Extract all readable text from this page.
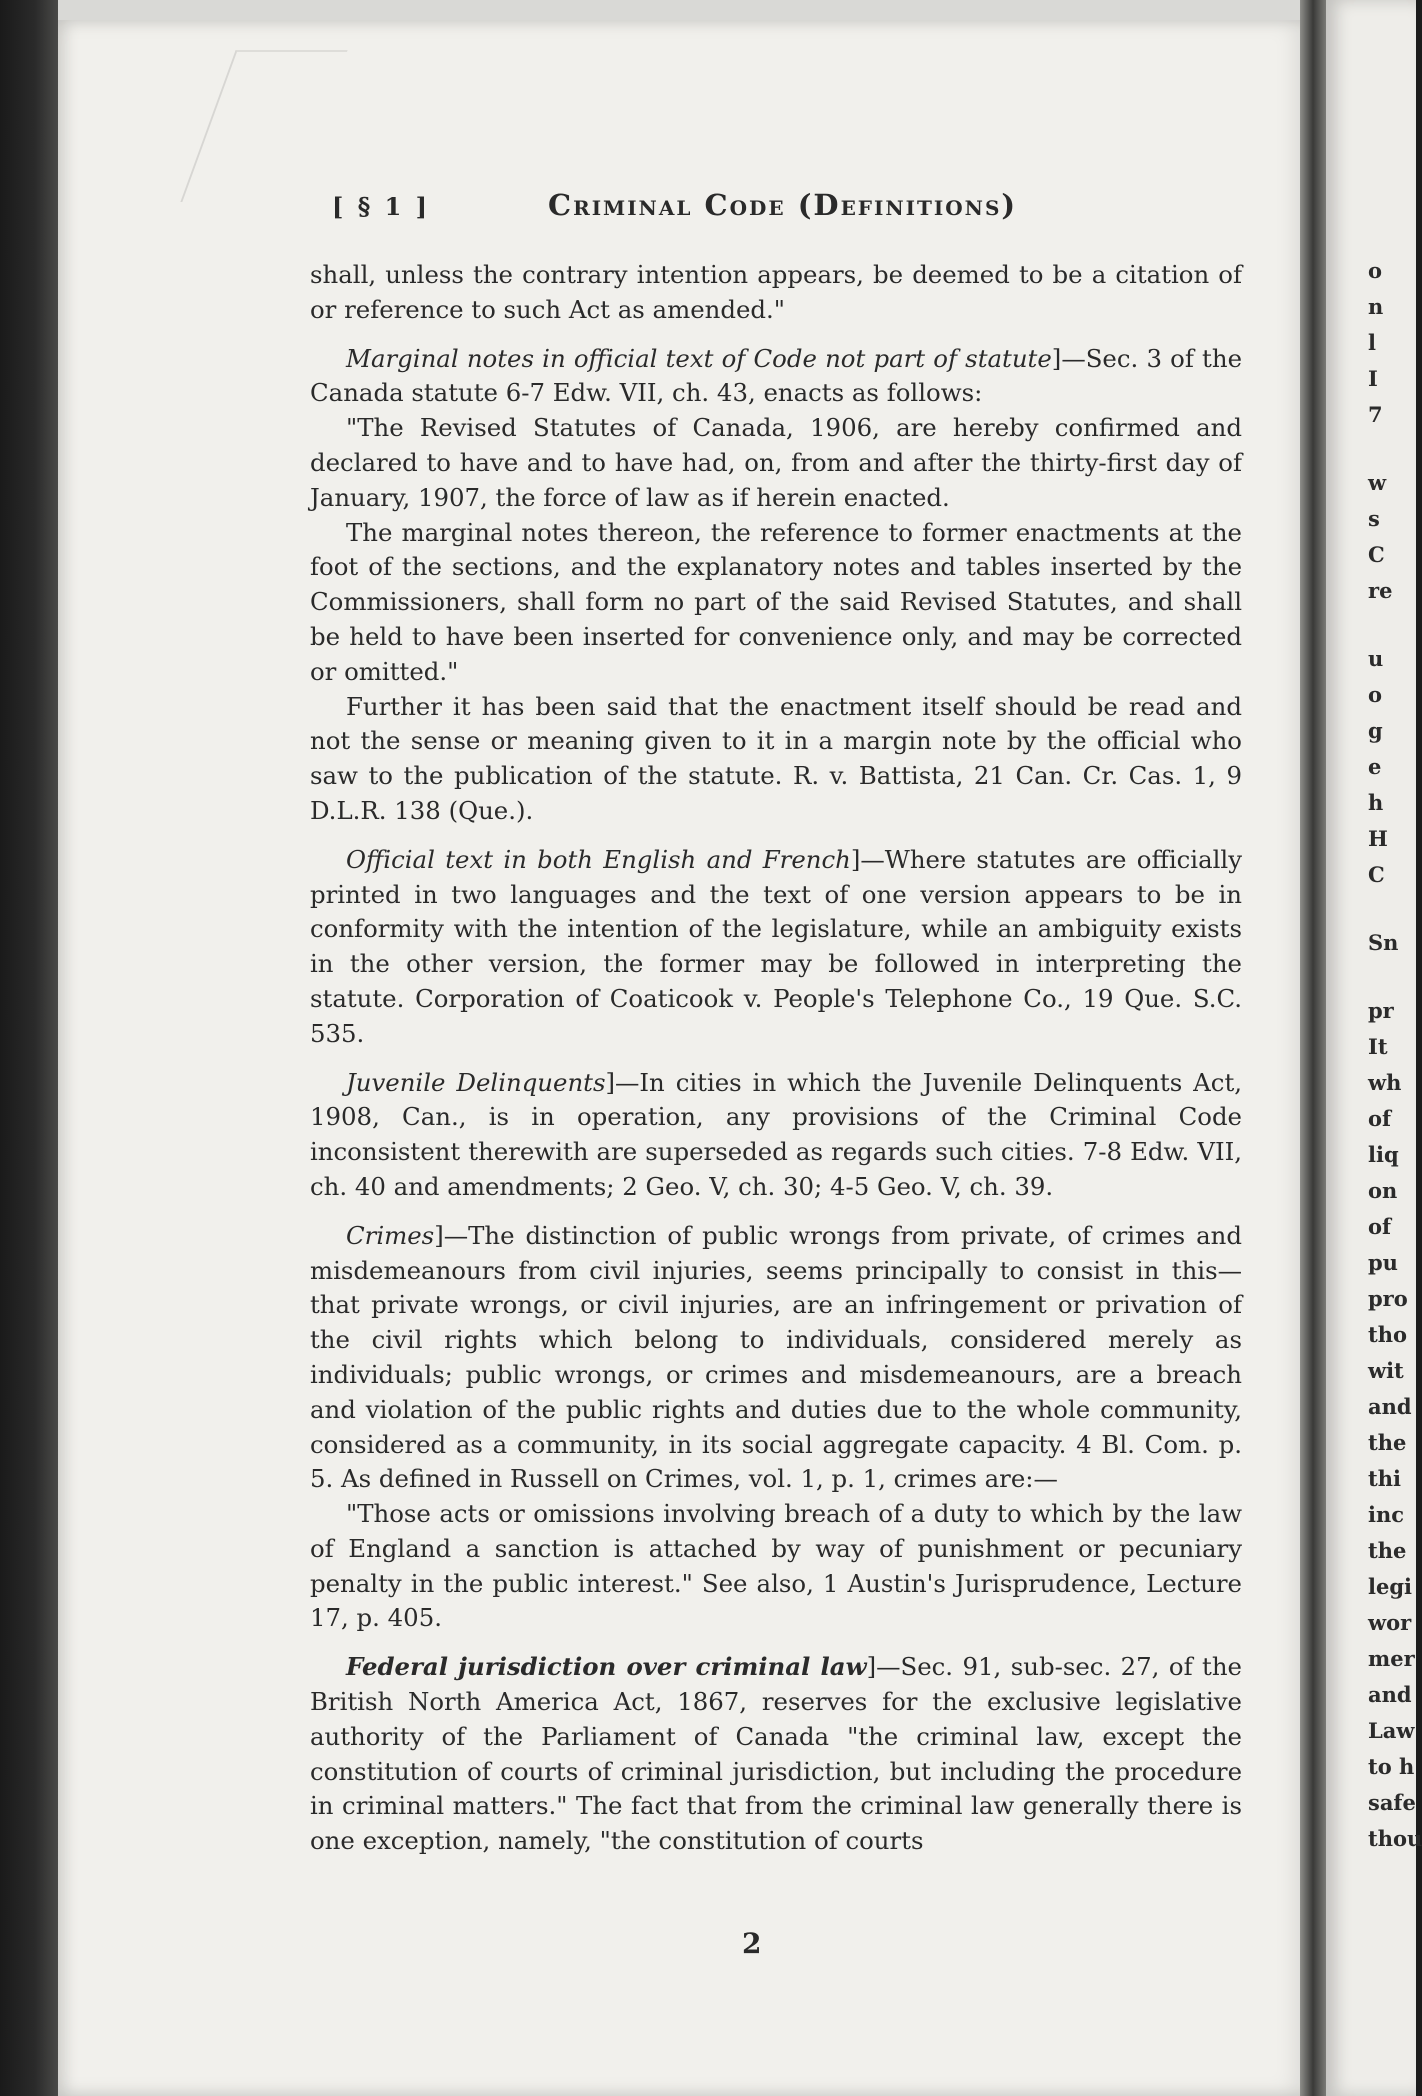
[ § 1 ]	Criminal Code (Definitions)

shall, unless the contrary intention appears, be deemed to be a citation of or reference to such Act as amended."

Marginal notes in official text of Code not part of statute]—Sec. 3 of the Canada statute 6-7 Edw. VII, ch. 43, enacts as follows:

"The Revised Statutes of Canada, 1906, are hereby confirmed and declared to have and to have had, on, from and after the thirty-first day of January, 1907, the force of law as if herein enacted.

The marginal notes thereon, the reference to former enactments at the foot of the sections, and the explanatory notes and tables inserted by the Commissioners, shall form no part of the said Revised Statutes, and shall be held to have been inserted for convenience only, and may be corrected or omitted."

Further it has been said that the enactment itself should be read and not the sense or meaning given to it in a margin note by the official who saw to the publication of the statute. R. v. Battista, 21 Can. Cr. Cas. 1, 9 D.L.R. 138 (Que.).

Official text in both English and French]—Where statutes are officially printed in two languages and the text of one version appears to be in conformity with the intention of the legislature, while an ambiguity exists in the other version, the former may be followed in interpreting the statute. Corporation of Coaticook v. People's Telephone Co., 19 Que. S.C. 535.

Juvenile Delinquents]—In cities in which the Juvenile Delinquents Act, 1908, Can., is in operation, any provisions of the Criminal Code inconsistent therewith are superseded as regards such cities. 7-8 Edw. VII, ch. 40 and amendments; 2 Geo. V, ch. 30; 4-5 Geo. V, ch. 39.

Crimes]—The distinction of public wrongs from private, of crimes and misdemeanours from civil injuries, seems principally to consist in this—that private wrongs, or civil injuries, are an infringement or privation of the civil rights which belong to individuals, considered merely as individuals; public wrongs, or crimes and misdemeanours, are a breach and violation of the public rights and duties due to the whole community, considered as a community, in its social aggregate capacity. 4 Bl. Com. p. 5. As defined in Russell on Crimes, vol. 1, p. 1, crimes are:—

"Those acts or omissions involving breach of a duty to which by the law of England a sanction is attached by way of punishment or pecuniary penalty in the public interest." See also, 1 Austin's Jurisprudence, Lecture 17, p. 405.

Federal jurisdiction over criminal law]—Sec. 91, sub-sec. 27, of the British North America Act, 1867, reserves for the exclusive legislative authority of the Parliament of Canada "the criminal law, except the constitution of courts of criminal jurisdiction, but including the procedure in criminal matters." The fact that from the criminal law generally there is one exception, namely, "the constitution of courts

2
o
n
l
I
7
w
s
C
re
u
o
g
e
h
H
C
Sn
pr
It
wh
of
liq
on
of
pu
pro
tho
wit
and
the
thi
inc
the
legi
wor
mer
and
Law
to h
safe
thou
